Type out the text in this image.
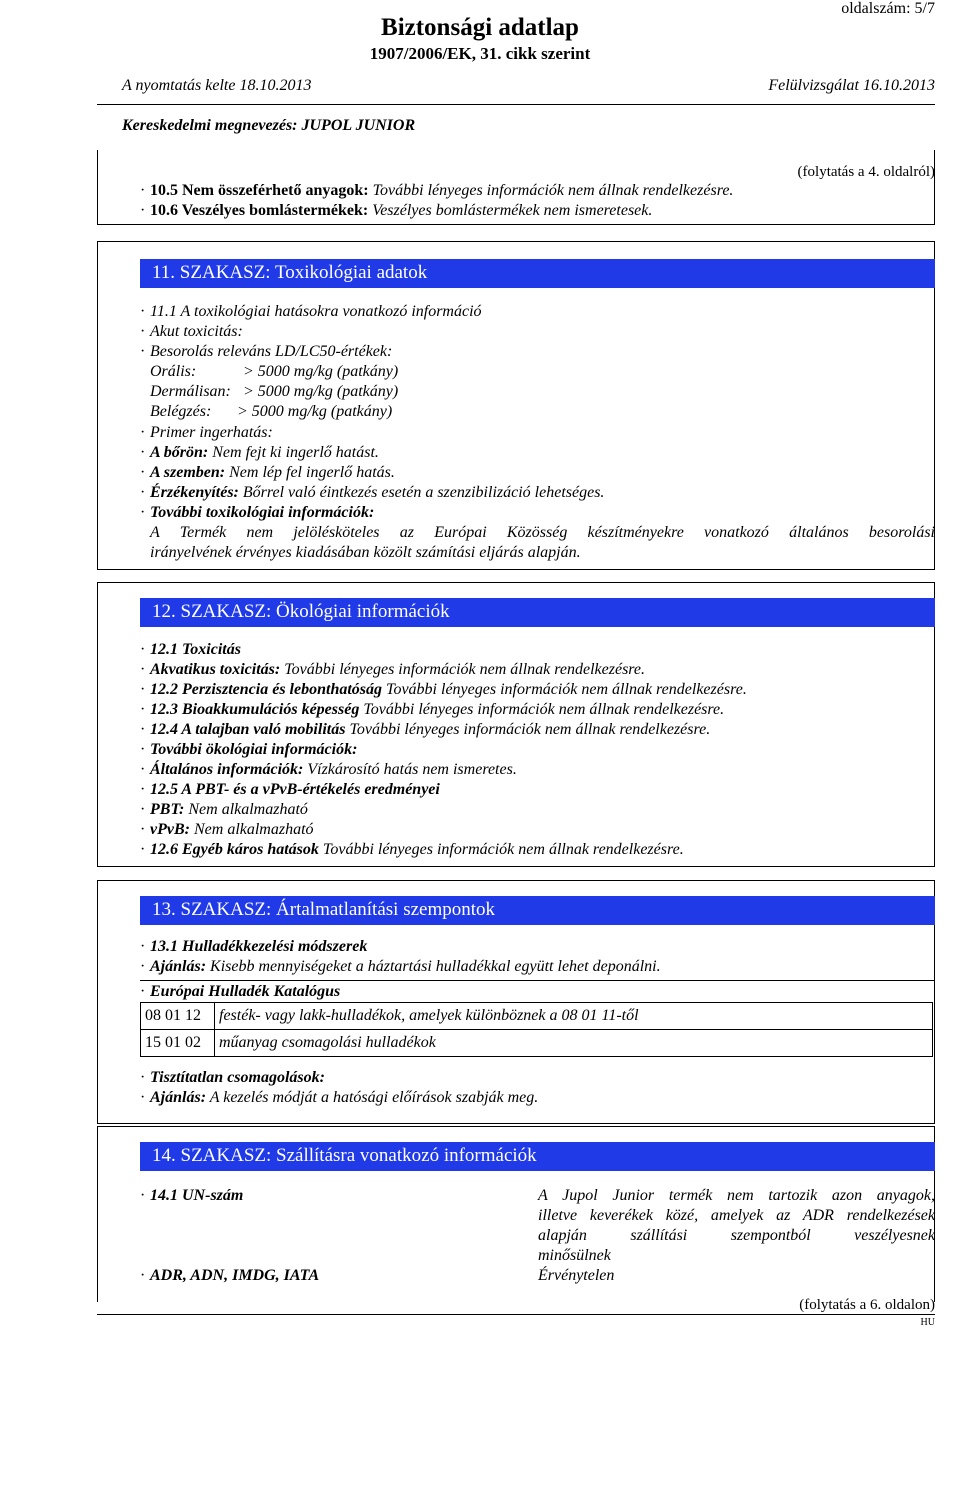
oldalszám: 5/7
Biztonsági adatlap
1907/2006/EK, 31. cikk szerint
A nyomtatás kelte 18.10.2013	Felülvizsgálat 16.10.2013
Kereskedelmi megnevezés: JUPOL JUNIOR
(folytatás a 4. oldalról)
· 10.5 Nem összeférhető anyagok: További lényeges információk nem állnak rendelkezésre.
· 10.6 Veszélyes bomlástermékek: Veszélyes bomlástermékek nem ismeretesek.
11. SZAKASZ: Toxikológiai adatok
· 11.1 A toxikológiai hatásokra vonatkozó információ
· Akut toxicitás:
· Besorolás releváns LD/LC50-értékek:
Orális:	> 5000 mg/kg (patkány)
Dermálisan: > 5000 mg/kg (patkány)
Belégzés: > 5000 mg/kg (patkány)
· Primer ingerhatás:
· A bőrön: Nem fejt ki ingerlő hatást.
· A szemben: Nem lép fel ingerlő hatás.
· Érzékenyítés: Bőrrel való éintkezés esetén a szenzibilizáció lehetséges.
· További toxikológiai információk:
A Termék nem jelölésköteles az Európai Közösség készítményekre vonatkozó általános besorolási
irányelvének érvényes kiadásában közölt számítási eljárás alapján.
12. SZAKASZ: Ökológiai információk
· 12.1 Toxicitás
· Akvatikus toxicitás: További lényeges információk nem állnak rendelkezésre.
· 12.2 Perzisztencia és lebonthatóság További lényeges információk nem állnak rendelkezésre.
· 12.3 Bioakkumulációs képesség További lényeges információk nem állnak rendelkezésre.
· 12.4 A talajban való mobilitás További lényeges információk nem állnak rendelkezésre.
· További ökológiai információk:
· Általános információk: Vízkárosító hatás nem ismeretes.
· 12.5 A PBT- és a vPvB-értékelés eredményei
· PBT: Nem alkalmazható
· vPvB: Nem alkalmazható
· 12.6 Egyéb káros hatások További lényeges információk nem állnak rendelkezésre.
13. SZAKASZ: Ártalmatlanítási szempontok
· 13.1 Hulladékkezelési módszerek
· Ajánlás: Kisebb mennyiségeket a háztartási hulladékkal együtt lehet deponálni.
· Európai Hulladék Katalógus
08 01 12	festék- vagy lakk-hulladékok, amelyek különböznek a 08 01 11-től
15 01 02	műanyag csomagolási hulladékok
· Tisztítatlan csomagolások:
· Ajánlás: A kezelés módját a hatósági előírások szabják meg.
14. SZAKASZ: Szállításra vonatkozó információk
· 14.1 UN-szám	A Jupol Junior termék nem tartozik azon anyagok,
illetve keverékek közé, amelyek az ADR rendelkezések
alapján szállítási szempontból veszélyesnek
minősülnek
· ADR, ADN, IMDG, IATA	Érvénytelen
(folytatás a 6. oldalon)
HU
